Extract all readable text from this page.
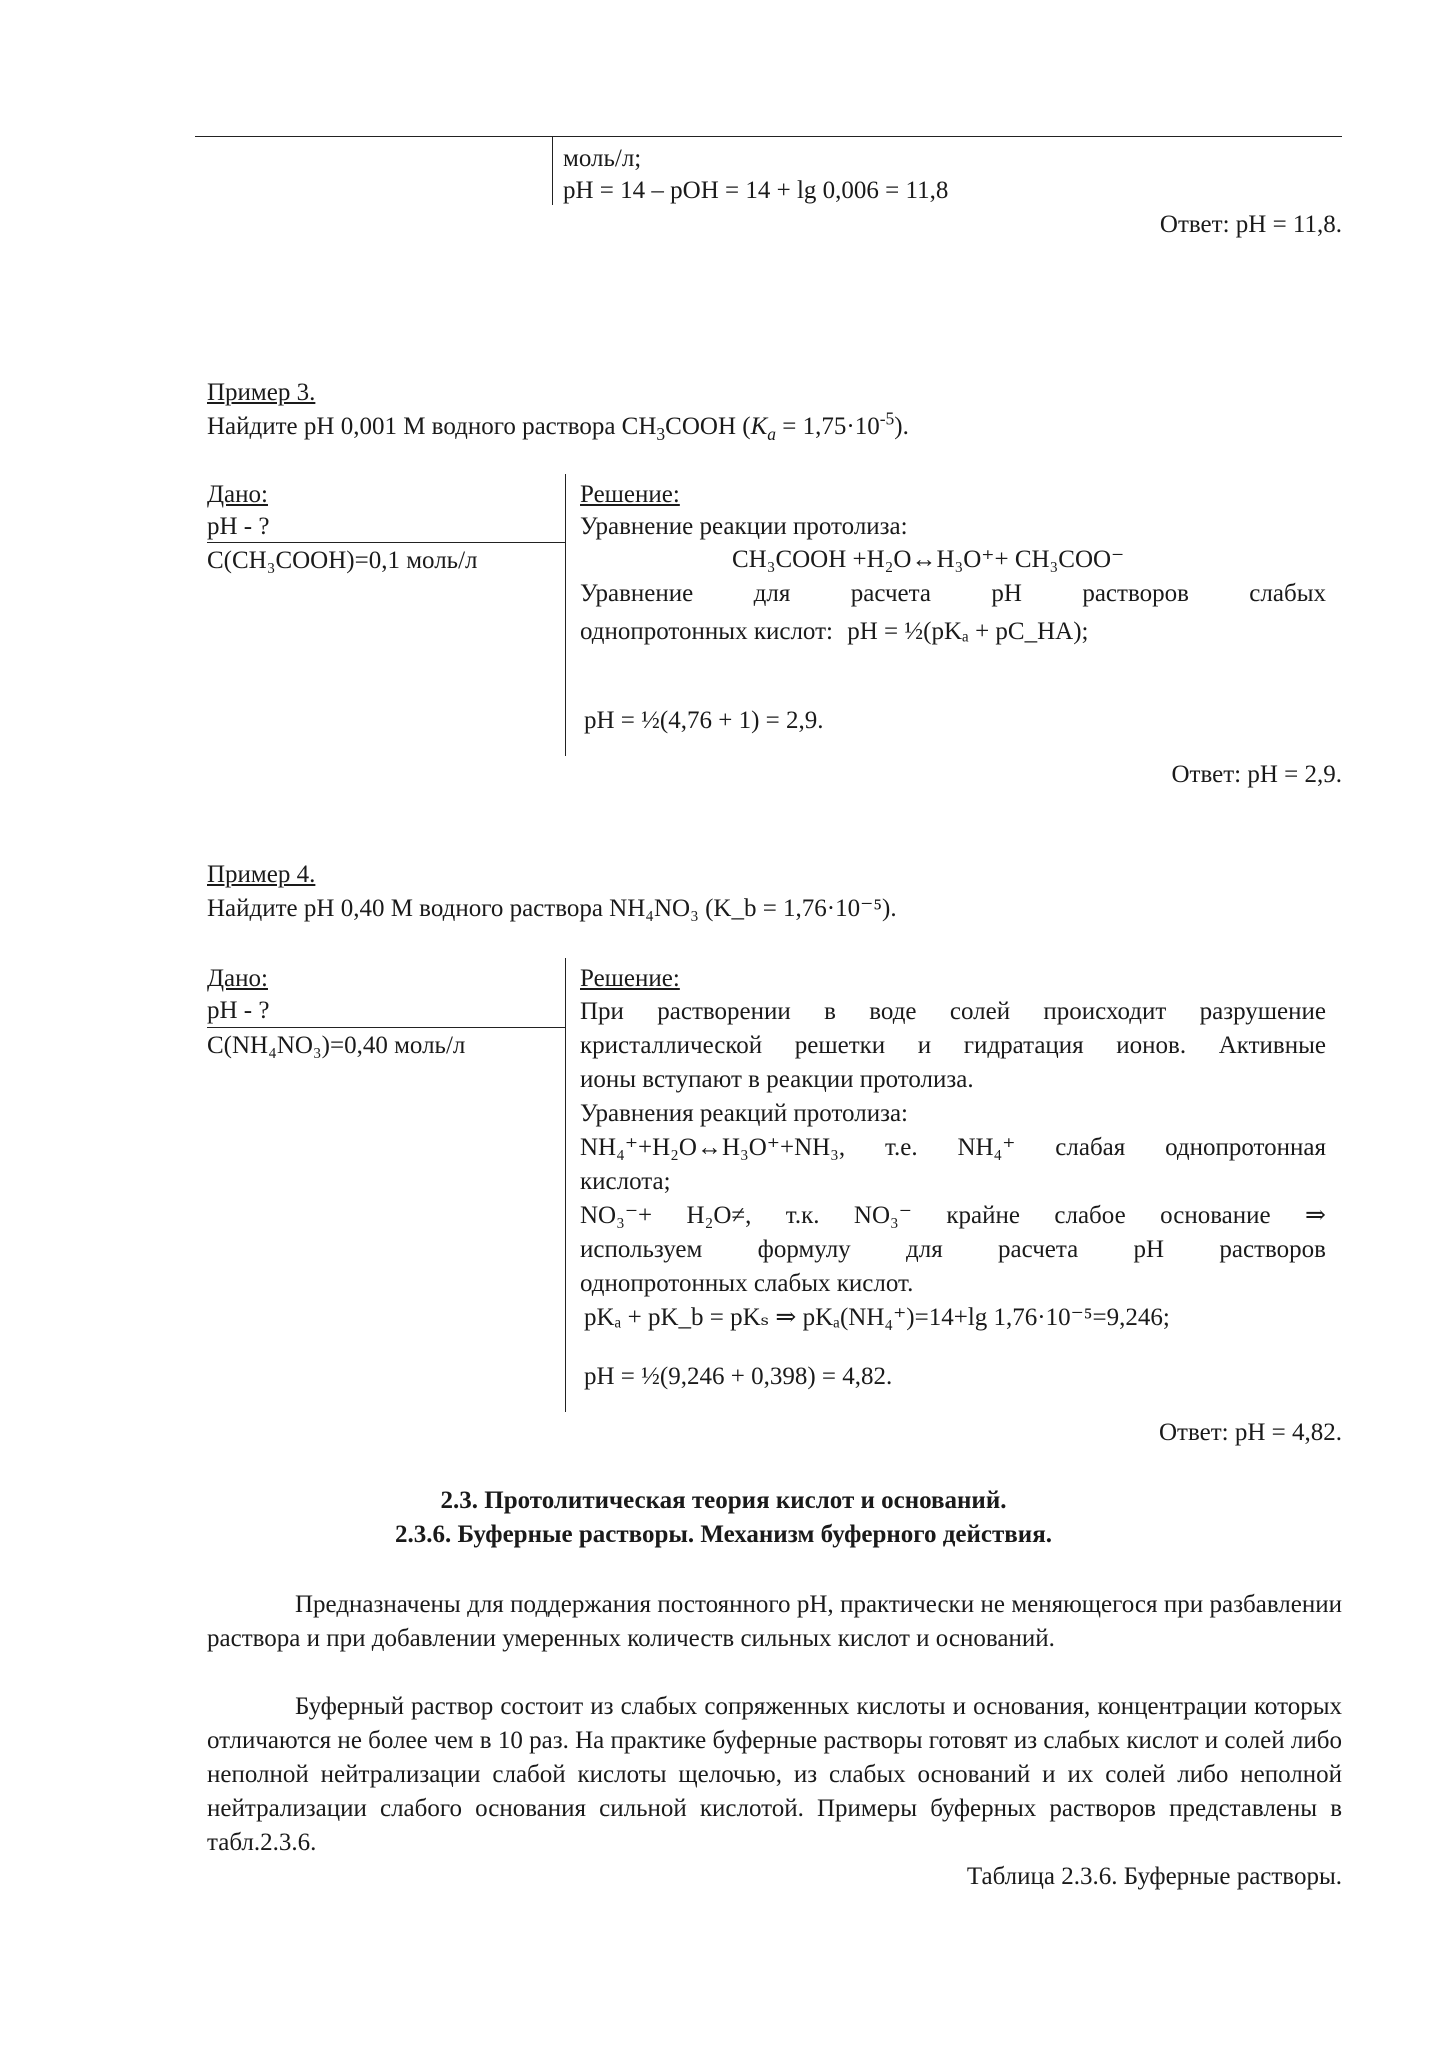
моль/л;
pH = 14 – pOH = 14 + lg 0,006 = 11,8
Ответ: pH = 11,8.
Пример 3.
Найдите pH 0,001 М водного раствора $CH_3COOH$ $(K_a = 1,75\cdot 10^{-5})$.
Дано:
pH - ?
C(CH₃COOH)=0,1 моль/л
Решение:
Уравнение реакции протолиза:
CH₃COOH +H₂O↔H₃O⁺+ CH₃COO⁻
Уравнение для расчета pH растворов слабых
однопротонных кислот: pH = ½(pKₐ + pC_НА);
pH = ½(4,76 + 1) = 2,9.
Ответ: pH = 2,9.
Пример 4.
Найдите pH 0,40 М водного раствора NH₄NO₃ (K_b = 1,76·10⁻⁵).
Дано:
pH - ?
C(NH₄NO₃)=0,40 моль/л
Решение:
При растворении в воде солей происходит разрушение
кристаллической решетки и гидратация ионов. Активные
ионы вступают в реакции протолиза.
Уравнения реакций протолиза:
NH₄⁺+H₂O↔H₃O⁺+NH₃, т.е. NH₄⁺ слабая однопротонная
кислота;
NO₃⁻+ H₂O≠, т.к. NO₃⁻ крайне слабое основание ⇒
используем формулу для расчета pH растворов
однопротонных слабых кислот.
pKₐ + pK_b = pKₛ ⇒ pKₐ(NH₄⁺)=14+lg 1,76·10⁻⁵=9,246;
pH = ½(9,246 + 0,398) = 4,82.
Ответ: pH = 4,82.
2.3. Протолитическая теория кислот и оснований.
2.3.6. Буферные растворы. Механизм буферного действия.
Предназначены для поддержания постоянного pH, практически не меняющегося при разбавлении раствора и при добавлении умеренных количеств сильных кислот и оснований.
Буферный раствор состоит из слабых сопряженных кислоты и основания, концентрации которых отличаются не более чем в 10 раз. На практике буферные растворы готовят из слабых кислот и солей либо неполной нейтрализации слабой кислоты щелочью, из слабых оснований и их солей либо неполной нейтрализации слабого основания сильной кислотой. Примеры буферных растворов представлены в табл.2.3.6.
Таблица 2.3.6. Буферные растворы.
